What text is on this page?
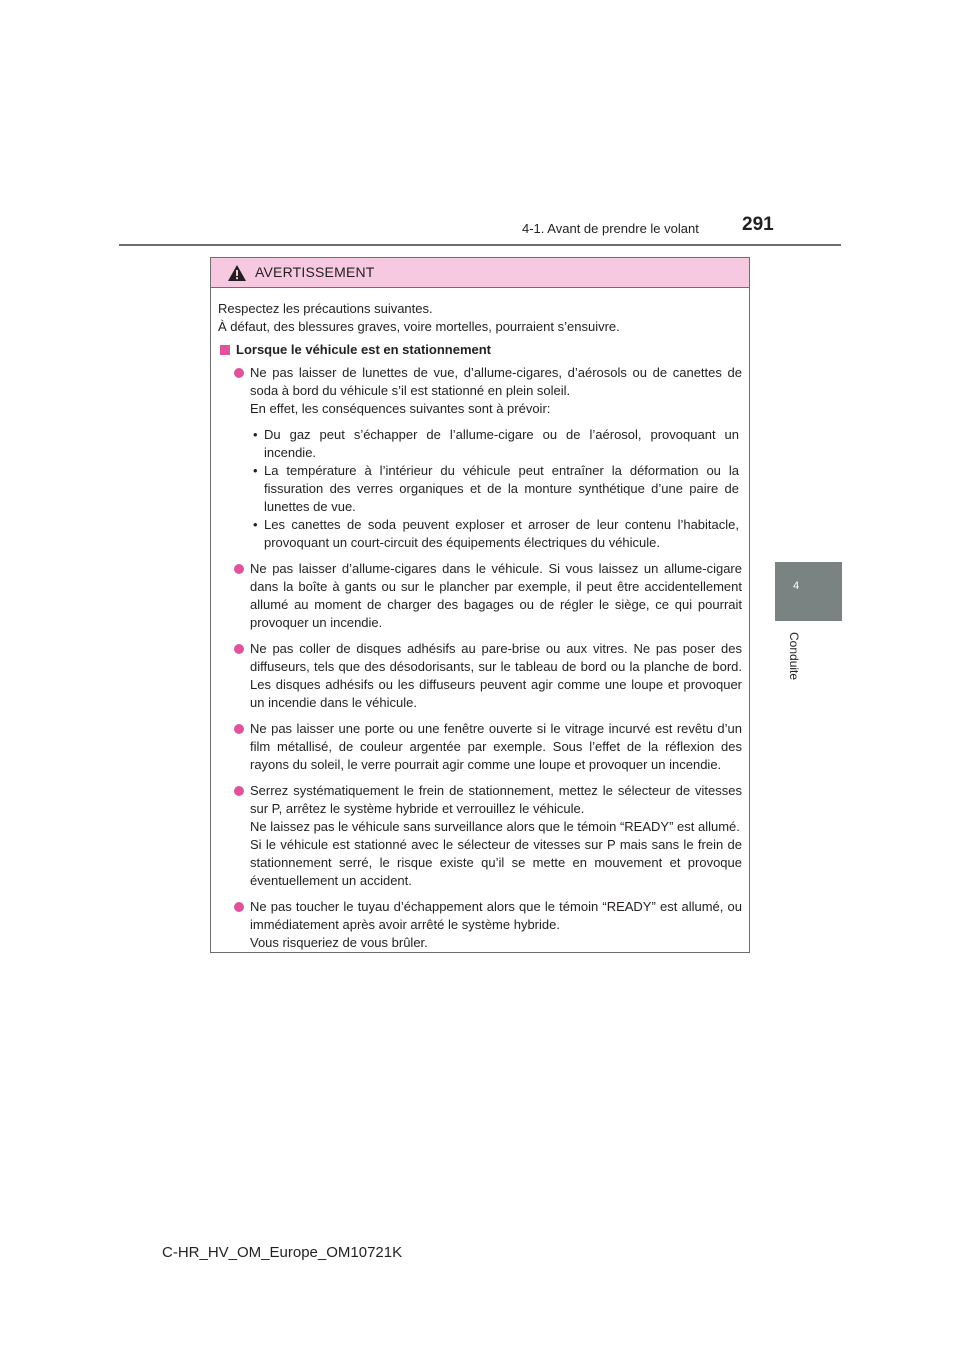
4-1. Avant de prendre le volant 291
4
Conduite
AVERTISSEMENT
Respectez les précautions suivantes.
À défaut, des blessures graves, voire mortelles, pourraient s’ensuivre.
Lorsque le véhicule est en stationnement

Ne pas laisser de lunettes de vue, d’allume-cigares, d’aérosols ou de canettes de soda à bord du véhicule s’il est stationné en plein soleil.

En effet, les conséquences suivantes sont à prévoir:

• Du gaz peut s’échapper de l’allume-cigare ou de l’aérosol, provoquant un incendie.
• La température à l’intérieur du véhicule peut entraîner la déformation ou la fissuration des verres organiques et de la monture synthétique d’une paire de lunettes de vue.
• Les canettes de soda peuvent exploser et arroser de leur contenu l’habitacle, provoquant un court-circuit des équipements électriques du véhicule.

Ne pas laisser d’allume-cigares dans le véhicule. Si vous laissez un allume-cigare dans la boîte à gants ou sur le plancher par exemple, il peut être accidentellement allumé au moment de charger des bagages ou de régler le siège, ce qui pourrait provoquer un incendie.

Ne pas coller de disques adhésifs au pare-brise ou aux vitres. Ne pas poser des diffuseurs, tels que des désodorisants, sur le tableau de bord ou la planche de bord. Les disques adhésifs ou les diffuseurs peuvent agir comme une loupe et provoquer un incendie dans le véhicule.

Ne pas laisser une porte ou une fenêtre ouverte si le vitrage incurvé est revêtu d’un film métallisé, de couleur argentée par exemple. Sous l’effet de la réflexion des rayons du soleil, le verre pourrait agir comme une loupe et provoquer un incendie.

Serrez systématiquement le frein de stationnement, mettez le sélecteur de vitesses sur P, arrêtez le système hybride et verrouillez le véhicule.

Ne laissez pas le véhicule sans surveillance alors que le témoin “READY” est allumé.

Si le véhicule est stationné avec le sélecteur de vitesses sur P mais sans le frein de stationnement serré, le risque existe qu’il se mette en mouvement et provoque éventuellement un accident.

Ne pas toucher le tuyau d’échappement alors que le témoin “READY” est allumé, ou immédiatement après avoir arrêté le système hybride.

Vous risqueriez de vous brûler.

C-HR_HV_OM_Europe_OM10721K
